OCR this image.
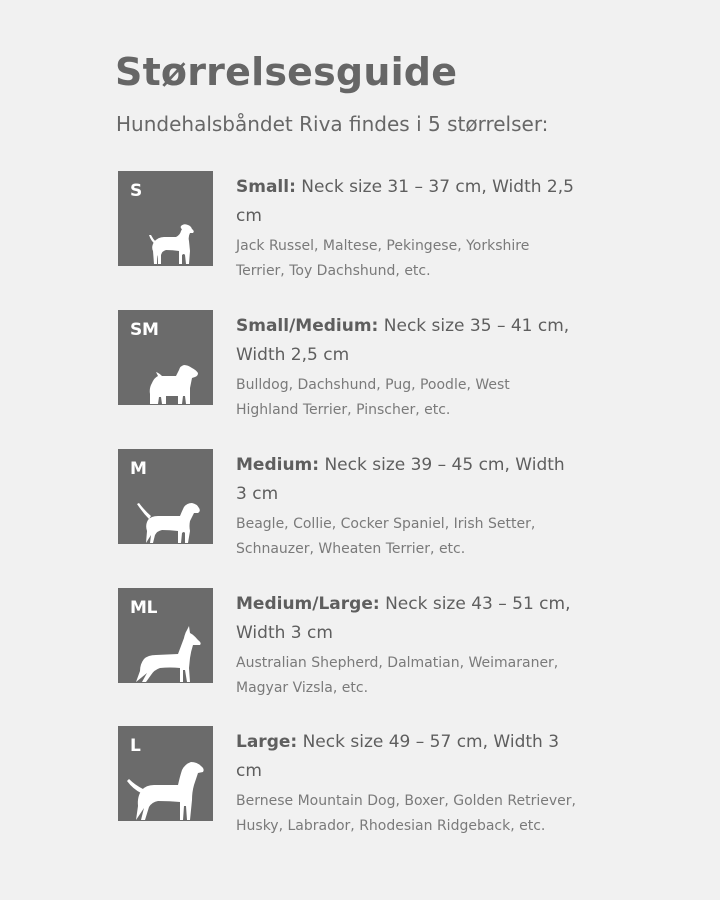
Størrelsesguide

Hundehalsbåndet Riva findes i 5 størrelser:

S	Small: Neck size 31 – 37 cm, Width 2,5 cm

Jack Russel, Maltese, Pekingese, Yorkshire Terrier, Toy Dachshund, etc.

SM	Small/Medium: Neck size 35 – 41 cm, Width 2,5 cm

Bulldog, Dachshund, Pug, Poodle, West Highland Terrier, Pinscher, etc.

M	Medium: Neck size 39 – 45 cm, Width 3 cm

Beagle, Collie, Cocker Spaniel, Irish Setter, Schnauzer, Wheaten Terrier, etc.

ML	Medium/Large: Neck size 43 – 51 cm, Width 3 cm

Australian Shepherd, Dalmatian, Weimaraner, Magyar Vizsla, etc.

L	Large: Neck size 49 – 57 cm, Width 3 cm

Bernese Mountain Dog, Boxer, Golden Retriever, Husky, Labrador, Rhodesian Ridgeback, etc.
